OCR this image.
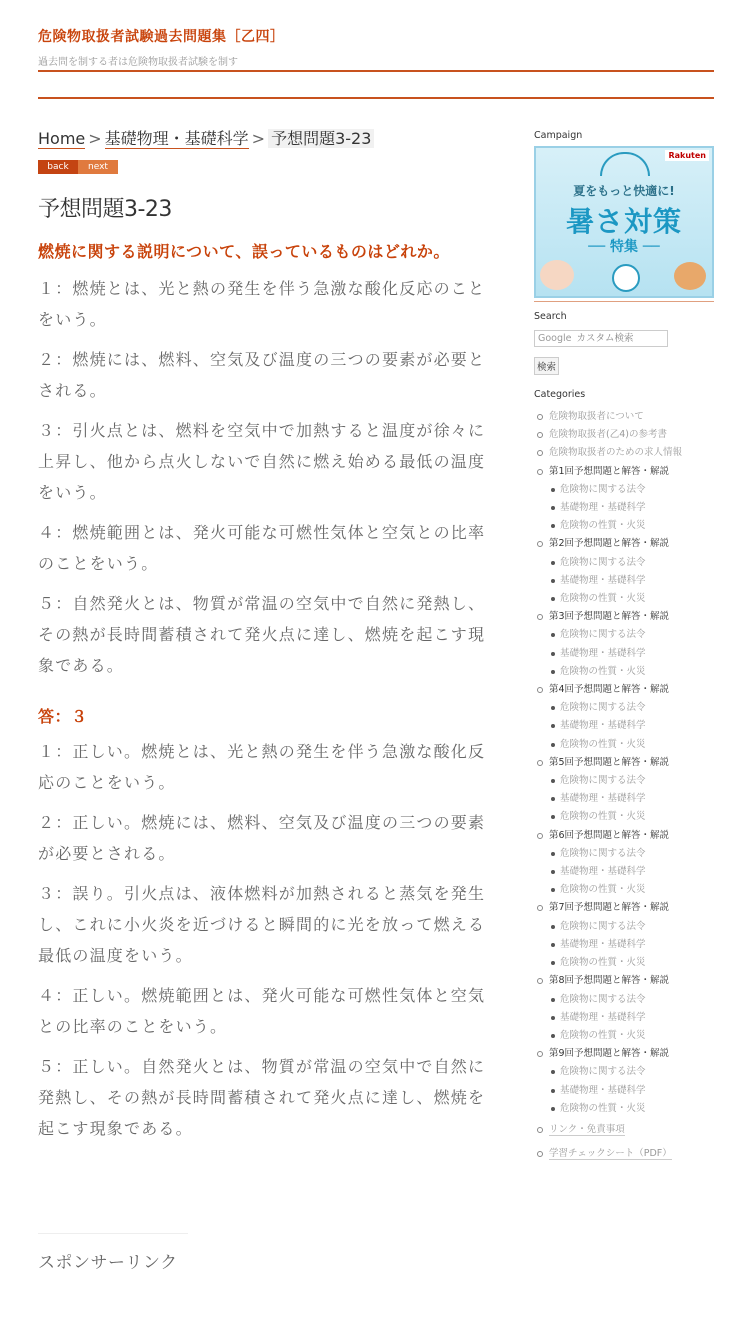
危険物取扱者試験過去問題集［乙四］
過去問を制する者は危険物取扱者試験を制す
Home > 基礎物理・基礎科学 > 予想問題3-23
back	next
予想問題3-23
燃焼に関する説明について、誤っているものはどれか。

１：燃焼とは、光と熱の発生を伴う急激な酸化反応のことをいう。

２：燃焼には、燃料、空気及び温度の三つの要素が必要とされる。

３：引火点とは、燃料を空気中で加熱すると温度が徐々に上昇し、他から点火しないで自然に燃え始める最低の温度をいう。

４：燃焼範囲とは、発火可能な可燃性気体と空気との比率のことをいう。

５：自然発火とは、物質が常温の空気中で自然に発熱し、その熱が長時間蓄積されて発火点に達し、燃焼を起こす現象である。

答：３

１：正しい。燃焼とは、光と熱の発生を伴う急激な酸化反応のことをいう。

２：正しい。燃焼には、燃料、空気及び温度の三つの要素が必要とされる。

３：誤り。引火点は、液体燃料が加熱されると蒸気を発生し、これに小火炎を近づけると瞬間的に光を放って燃える最低の温度をいう。

４：正しい。燃焼範囲とは、発火可能な可燃性気体と空気との比率のことをいう。

５：正しい。自然発火とは、物質が常温の空気中で自然に発熱し、その熱が長時間蓄積されて発火点に達し、燃焼を起こす現象である。

Campaign
Rakuten
夏をもっと快適に!
暑さ対策
── 特集 ──
Search
Google カスタム検索
検索
Categories
危険物取扱者について
危険物取扱者(乙4)の参考書
危険物取扱者のための求人情報
第1回予想問題と解答・解説
危険物に関する法令
基礎物理・基礎科学
危険物の性質・火災
第2回予想問題と解答・解説
危険物に関する法令
基礎物理・基礎科学
危険物の性質・火災
第3回予想問題と解答・解説
危険物に関する法令
基礎物理・基礎科学
危険物の性質・火災
第4回予想問題と解答・解説
危険物に関する法令
基礎物理・基礎科学
危険物の性質・火災
第5回予想問題と解答・解説
危険物に関する法令
基礎物理・基礎科学
危険物の性質・火災
第6回予想問題と解答・解説
危険物に関する法令
基礎物理・基礎科学
危険物の性質・火災
第7回予想問題と解答・解説
危険物に関する法令
基礎物理・基礎科学
危険物の性質・火災
第8回予想問題と解答・解説
危険物に関する法令
基礎物理・基礎科学
危険物の性質・火災
第9回予想問題と解答・解説
危険物に関する法令
基礎物理・基礎科学
危険物の性質・火災
リンク・免責事項
学習チェックシート（PDF）
スポンサーリンク
